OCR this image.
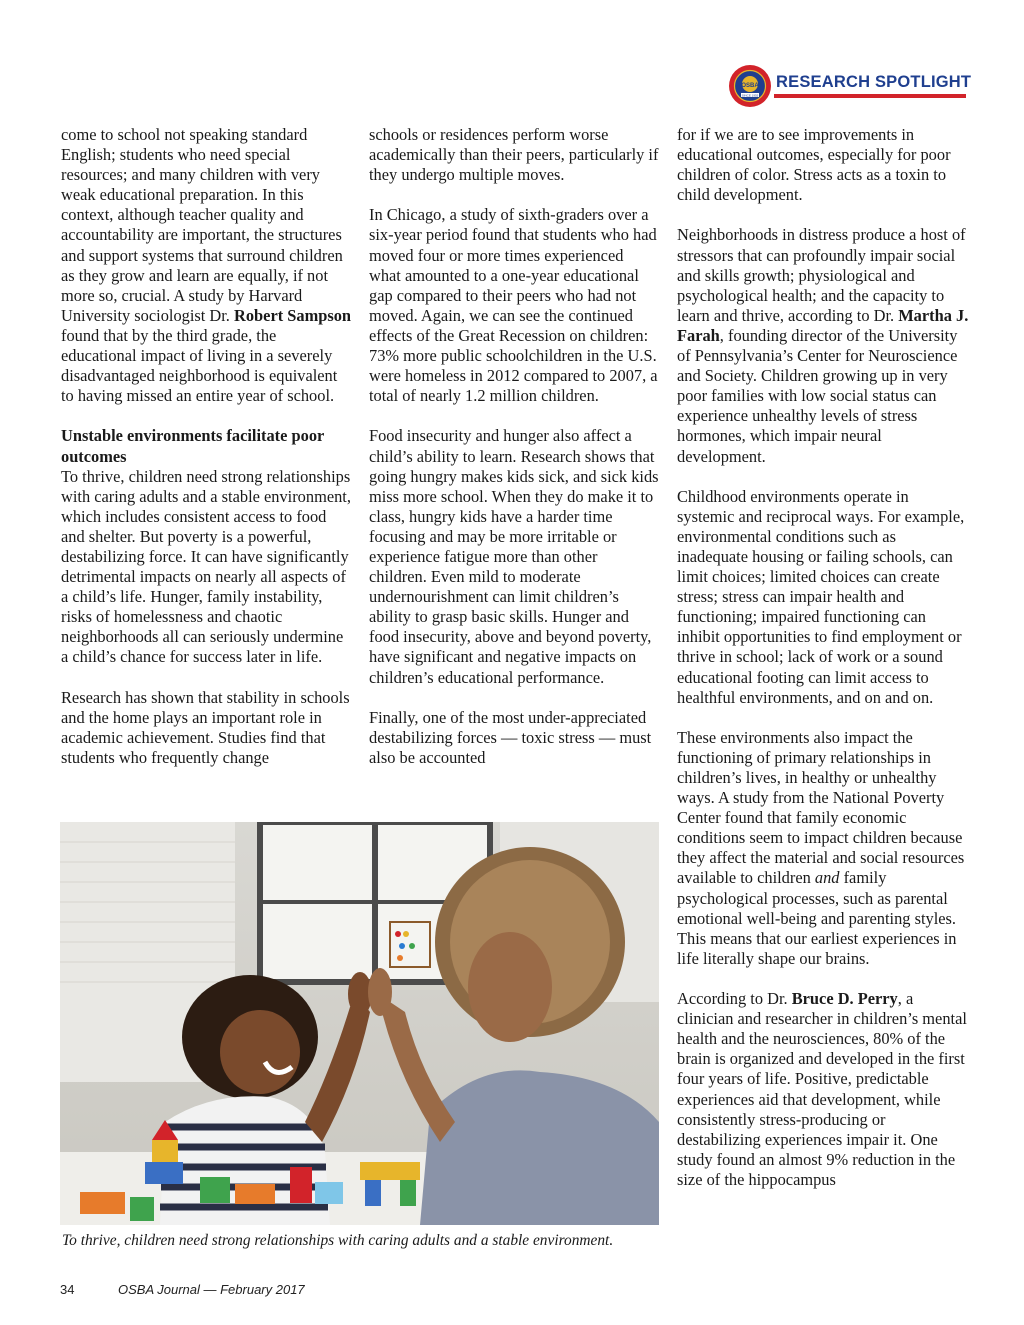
OSBA
SINCE 1955
RESEARCH SPOTLIGHT

come to school not speaking standard English; students who need special resources; and many children with very weak educational preparation. In this context, although teacher quality and accountability are important, the structures and support systems that surround children as they grow and learn are equally, if not more so, crucial. A study by Harvard University sociologist Dr. Robert Sampson found that by the third grade, the educational impact of living in a severely disadvantaged neighborhood is equivalent to having missed an entire year of school.

Unstable environments facilitate poor outcomes
To thrive, children need strong relationships with caring adults and a stable environment, which includes consistent access to food and shelter. But poverty is a powerful, destabilizing force. It can have significantly detrimental impacts on nearly all aspects of a child’s life. Hunger, family instability, risks of homelessness and chaotic neighborhoods all can seriously undermine a child’s chance for success later in life.

Research has shown that stability in schools and the home plays an important role in academic achievement. Studies find that students who frequently change

schools or residences perform worse academically than their peers, particularly if they undergo multiple moves.

In Chicago, a study of sixth-graders over a six-year period found that students who had moved four or more times experienced what amounted to a one-year educational gap compared to their peers who had not moved. Again, we can see the continued effects of the Great Recession on children: 73% more public schoolchildren in the U.S. were homeless in 2012 compared to 2007, a total of nearly 1.2 million children.

Food insecurity and hunger also affect a child’s ability to learn. Research shows that going hungry makes kids sick, and sick kids miss more school. When they do make it to class, hungry kids have a harder time focusing and may be more irritable or experience fatigue more than other children. Even mild to moderate undernourishment can limit children’s ability to grasp basic skills. Hunger and food insecurity, above and beyond poverty, have significant and negative impacts on children’s educational performance.

Finally, one of the most under-appreciated destabilizing forces — toxic stress — must also be accounted

for if we are to see improvements in educational outcomes, especially for poor children of color. Stress acts as a toxin to child development.

Neighborhoods in distress produce a host of stressors that can profoundly impair social and skills growth; physiological and psychological health; and the capacity to learn and thrive, according to Dr. Martha J. Farah, founding director of the University of Pennsylvania’s Center for Neuroscience and Society. Children growing up in very poor families with low social status can experience unhealthy levels of stress hormones, which impair neural development.

Childhood environments operate in systemic and reciprocal ways. For example, environmental conditions such as inadequate housing or failing schools, can limit choices; limited choices can create stress; stress can impair health and functioning; impaired functioning can inhibit opportunities to find employment or thrive in school; lack of work or a sound educational footing can limit access to healthful environments, and on and on.

These environments also impact the functioning of primary relationships in children’s lives, in healthy or unhealthy ways. A study from the National Poverty Center found that family economic conditions seem to impact children because they affect the material and social resources available to children and family psychological processes, such as parental emotional well-being and parenting styles. This means that our earliest experiences in life literally shape our brains.

According to Dr. Bruce D. Perry, a clinician and researcher in children’s mental health and the neurosciences, 80% of the brain is organized and developed in the first four years of life. Positive, predictable experiences aid that development, while consistently stress-producing or destabilizing experiences impair it. One study found an almost 9% reduction in the size of the hippocampus

To thrive, children need strong relationships with caring adults and a stable environment.
34	OSBA Journal — February 2017
